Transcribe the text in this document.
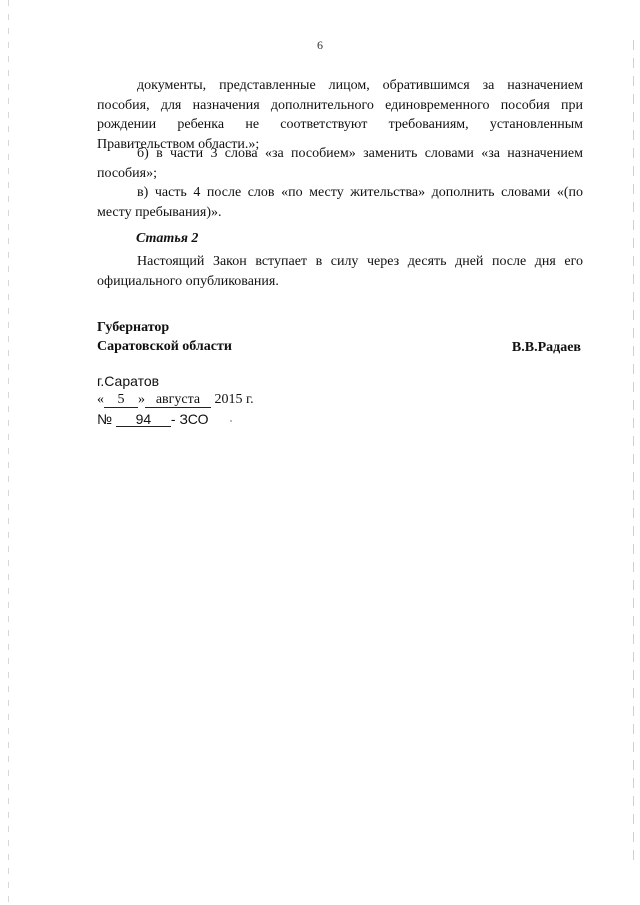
6

документы, представленные лицом, обратившимся за назначением пособия, для назначения дополнительного единовременного пособия при рождении ребенка не соответствуют требованиям, установленным Правительством области.»;

б) в части 3 слова «за пособием» заменить словами «за назначением пособия»;

в) часть 4 после слов «по месту жительства» дополнить словами «(по месту пребывания)».

Статья 2

Настоящий Закон вступает в силу через десять дней после дня его официального опубликования.

Губернатор
Саратовской области	В.В.Радаев
г.Саратов
« 5 » августа 2015 г.
№ 94 - ЗСО
